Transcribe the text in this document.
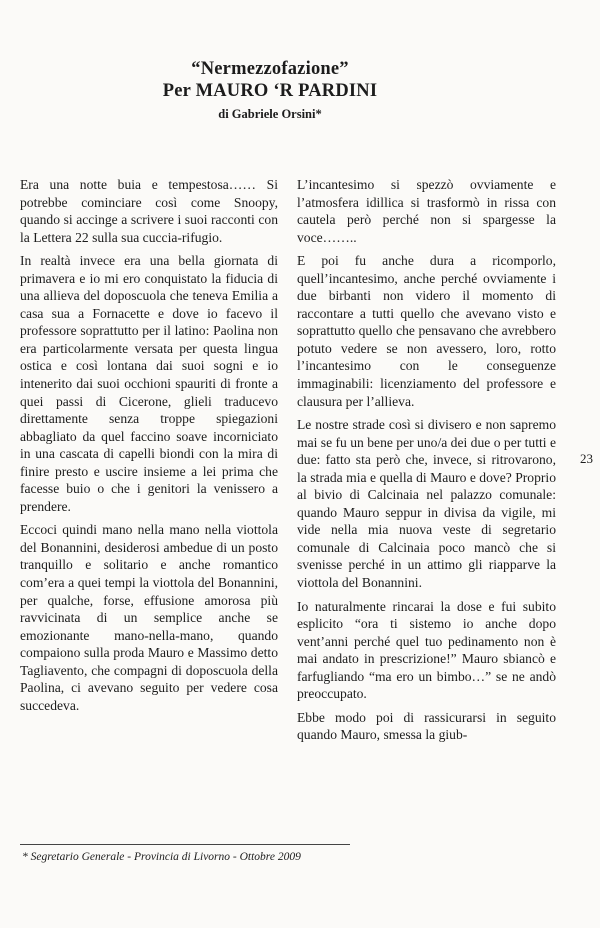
“Nermezzofazione”
Per MAURO ‘R PARDINI
di Gabriele Orsini*

Era una notte buia e tempestosa…… Si potrebbe cominciare così come Snoopy, quando si accinge a scrivere i suoi racconti con la Lettera 22 sulla sua cuccia-rifugio.

In realtà invece era una bella giornata di primavera e io mi ero conquistato la fiducia di una allieva del doposcuola che teneva Emilia a casa sua a Fornacette e dove io facevo il professore soprattutto per il latino: Paolina non era particolarmente versata per questa lingua ostica e così lontana dai suoi sogni e io intenerito dai suoi occhioni spauriti di fronte a quei passi di Cicerone, glieli traducevo direttamente senza troppe spiegazioni abbagliato da quel faccino soave incorniciato in una cascata di capelli biondi con la mira di finire presto e uscire insieme a lei prima che facesse buio o che i genitori la venissero a prendere.

Eccoci quindi mano nella mano nella viottola del Bonannini, desiderosi ambedue di un posto tranquillo e solitario e anche romantico com’era a quei tempi la viottola del Bonannini, per qualche, forse, effusione amorosa più ravvicinata di un semplice anche se emozionante mano-nella-mano, quando compaiono sulla proda Mauro e Massimo detto Tagliavento, che compagni di doposcuola della Paolina, ci avevano seguito per vedere cosa succedeva.

L’incantesimo si spezzò ovviamente e l’atmosfera idillica si trasformò in rissa con cautela però perché non si spargesse la voce……..

E poi fu anche dura a ricomporlo, quell’incantesimo, anche perché ovviamente i due birbanti non videro il momento di raccontare a tutti quello che avevano visto e soprattutto quello che pensavano che avrebbero potuto vedere se non avessero, loro, rotto l’incantesimo con le conseguenze immaginabili: licenziamento del professore e clausura per l’allieva.

Le nostre strade così si divisero e non sapremo mai se fu un bene per uno/a dei due o per tutti e due: fatto sta però che, invece, si ritrovarono, la strada mia e quella di Mauro e dove? Proprio al bivio di Calcinaia nel palazzo comunale: quando Mauro seppur in divisa da vigile, mi vide nella mia nuova veste di segretario comunale di Calcinaia poco mancò che si svenisse perché in un attimo gli riapparve la viottola del Bonannini.

Io naturalmente rincarai la dose e fui subito esplicito “ora ti sistemo io anche dopo vent’anni perché quel tuo pedinamento non è mai andato in prescrizione!” Mauro sbiancò e farfugliando “ma ero un bimbo…” se ne andò preoccupato.

Ebbe modo poi di rassicurarsi in seguito quando Mauro, smessa la giub-

23
* Segretario Generale - Provincia di Livorno - Ottobre 2009
